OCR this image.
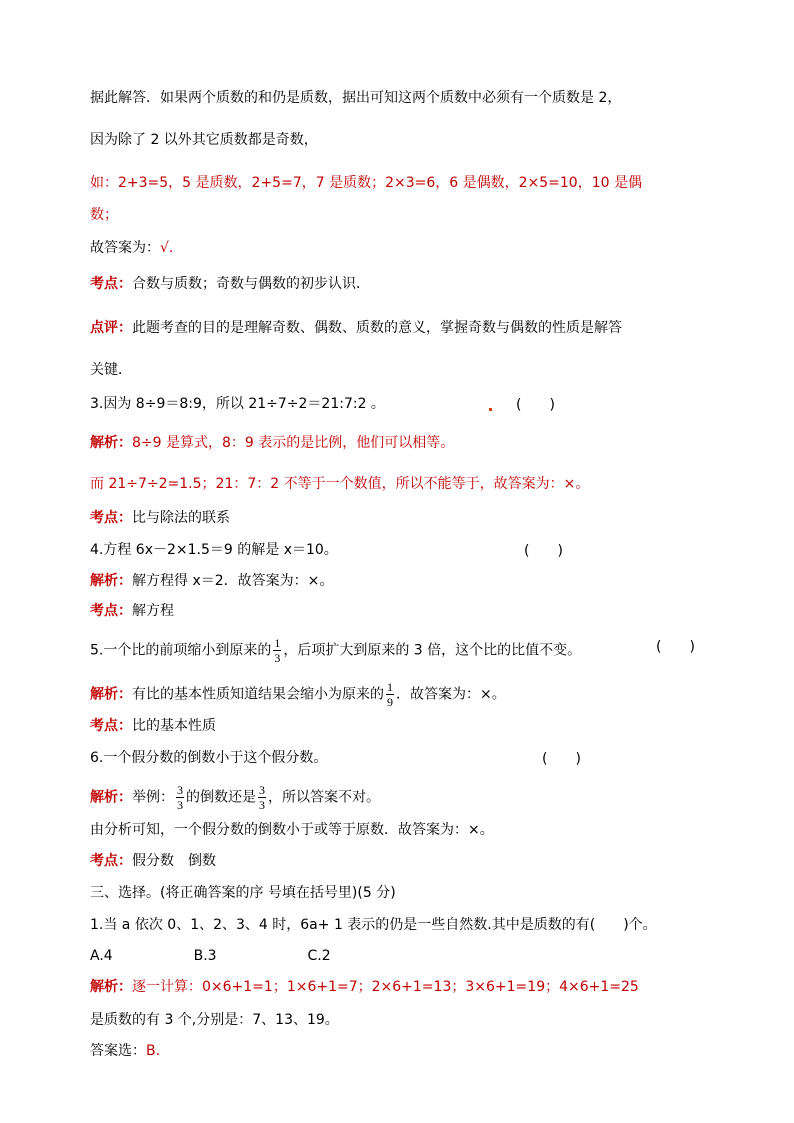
据此解答．如果两个质数的和仍是质数，据出可知这两个质数中必须有一个质数是 2，
因为除了 2 以外其它质数都是奇数，
如：2+3=5，5 是质数，2+5=7，7 是质数；2×3=6，6 是偶数，2×5=10，10 是偶
数；
故答案为：√.
考点：合数与质数；奇数与偶数的初步认识．
点评：此题考查的目的是理解奇数、偶数、质数的意义，掌握奇数与偶数的性质是解答
关键．
3.因为 8÷9＝8:9，所以 21÷7÷2＝21:7:2 。	(　　)
解析：8÷9 是算式，8：9 表示的是比例，他们可以相等。
而 21÷7÷2=1.5；21：7：2 不等于一个数值，所以不能等于，故答案为：×。
考点：比与除法的联系
4.方程 6x－2×1.5＝9 的解是 x＝10。	(　　)
解析：解方程得 x＝2．故答案为：×。
考点：解方程
5.一个比的前项缩小到原来的 $\frac{1}{3}$ ，后项扩大到原来的 3 倍，这个比的比值不变。	(　　)
解析：有比的基本性质知道结果会缩小为原来的 $\frac{1}{9}$ ．故答案为：×。
考点：比的基本性质
6.一个假分数的倒数小于这个假分数。	(　　)
解析：举例： $\frac{3}{3}$ 的倒数还是 $\frac{3}{3}$ ，所以答案不对。
由分析可知，一个假分数的倒数小于或等于原数．故答案为：×。
考点：假分数　倒数
三、选择。(将正确答案的序 号填在括号里)(5 分)
1.当 a 依次 0、1、2、3、4 时，6a+ 1 表示的仍是一些自然数.其中是质数的有(　　)个。
A.4	B.3	C.2
解析：逐一计算：0×6+1=1；1×6+1=7；2×6+1=13；3×6+1=19；4×6+1=25
是质数的有 3 个,分别是：7、13、19。
答案选：B.
